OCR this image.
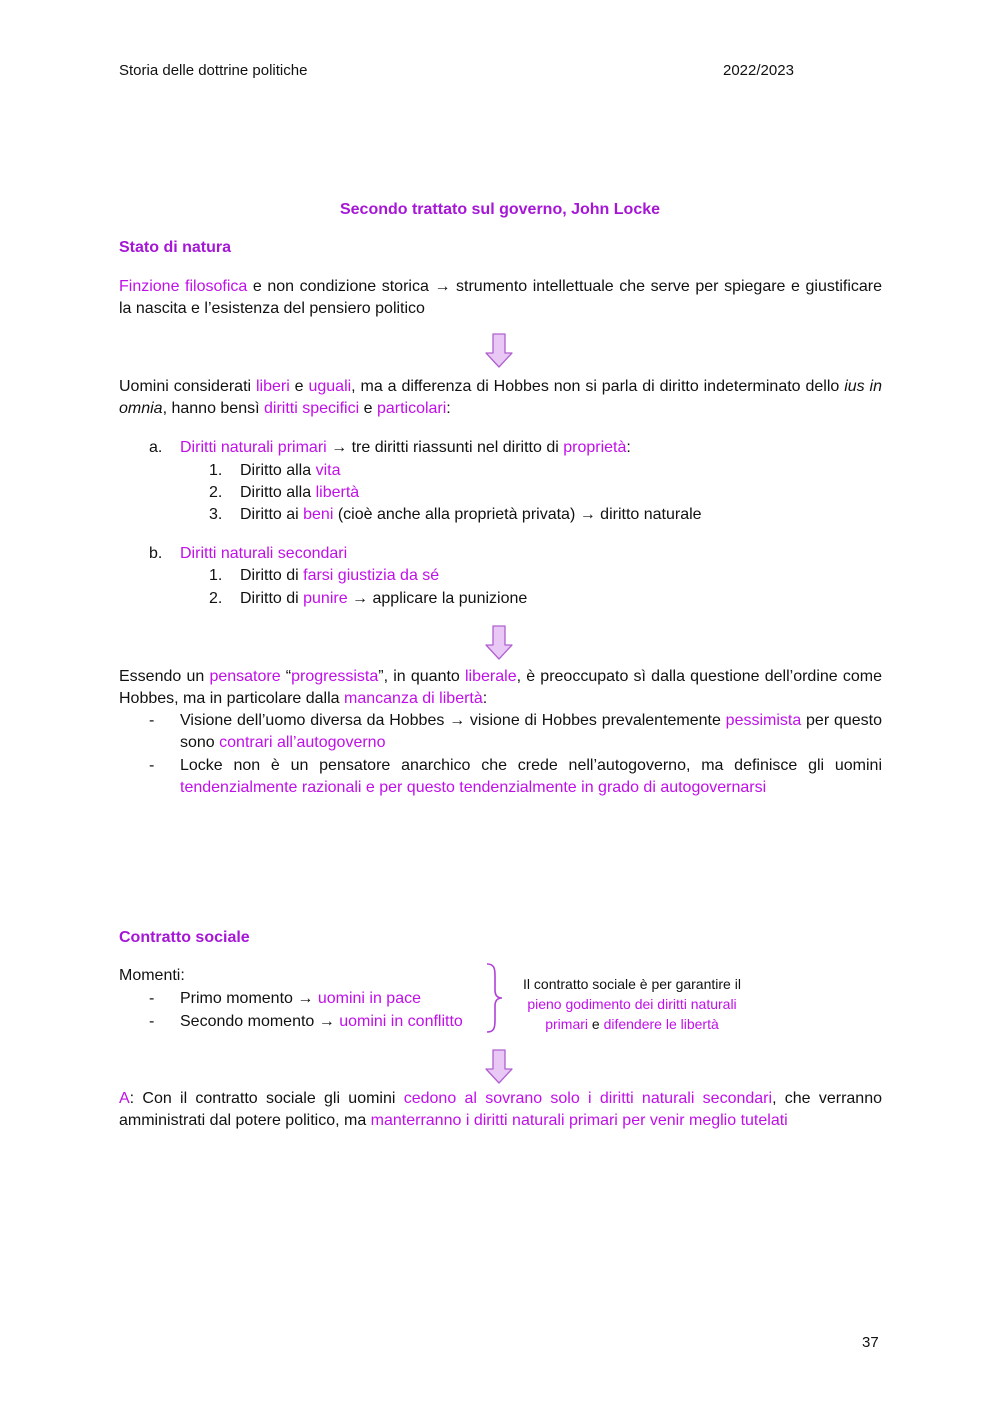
Storia delle dottrine politiche	2022/2023
Secondo trattato sul governo, John Locke
Stato di natura
Finzione filosofica e non condizione storica → strumento intellettuale che serve per spiegare e giustificare la nascita e l’esistenza del pensiero politico
Uomini considerati liberi e uguali, ma a differenza di Hobbes non si parla di diritto indeterminato dello ius in omnia, hanno bensì diritti specifici e particolari:
a. Diritti naturali primari → tre diritti riassunti nel diritto di proprietà:
1. Diritto alla vita
2. Diritto alla libertà
3. Diritto ai beni (cioè anche alla proprietà privata) → diritto naturale
b. Diritti naturali secondari
1. Diritto di farsi giustizia da sé
2. Diritto di punire → applicare la punizione
Essendo un pensatore “progressista”, in quanto liberale, è preoccupato sì dalla questione dell’ordine come Hobbes, ma in particolare dalla mancanza di libertà:
- Visione dell’uomo diversa da Hobbes → visione di Hobbes prevalentemente pessimista per questo sono contrari all’autogoverno
- Locke non è un pensatore anarchico che crede nell’autogoverno, ma definisce gli uomini tendenzialmente razionali e per questo tendenzialmente in grado di autogovernarsi
Contratto sociale
Momenti:
- Primo momento → uomini in pace
- Secondo momento → uomini in conflitto
Il contratto sociale è per garantire il pieno godimento dei diritti naturali primari e difendere le libertà
A: Con il contratto sociale gli uomini cedono al sovrano solo i diritti naturali secondari, che verranno amministrati dal potere politico, ma manterranno i diritti naturali primari per venir meglio tutelati
37
